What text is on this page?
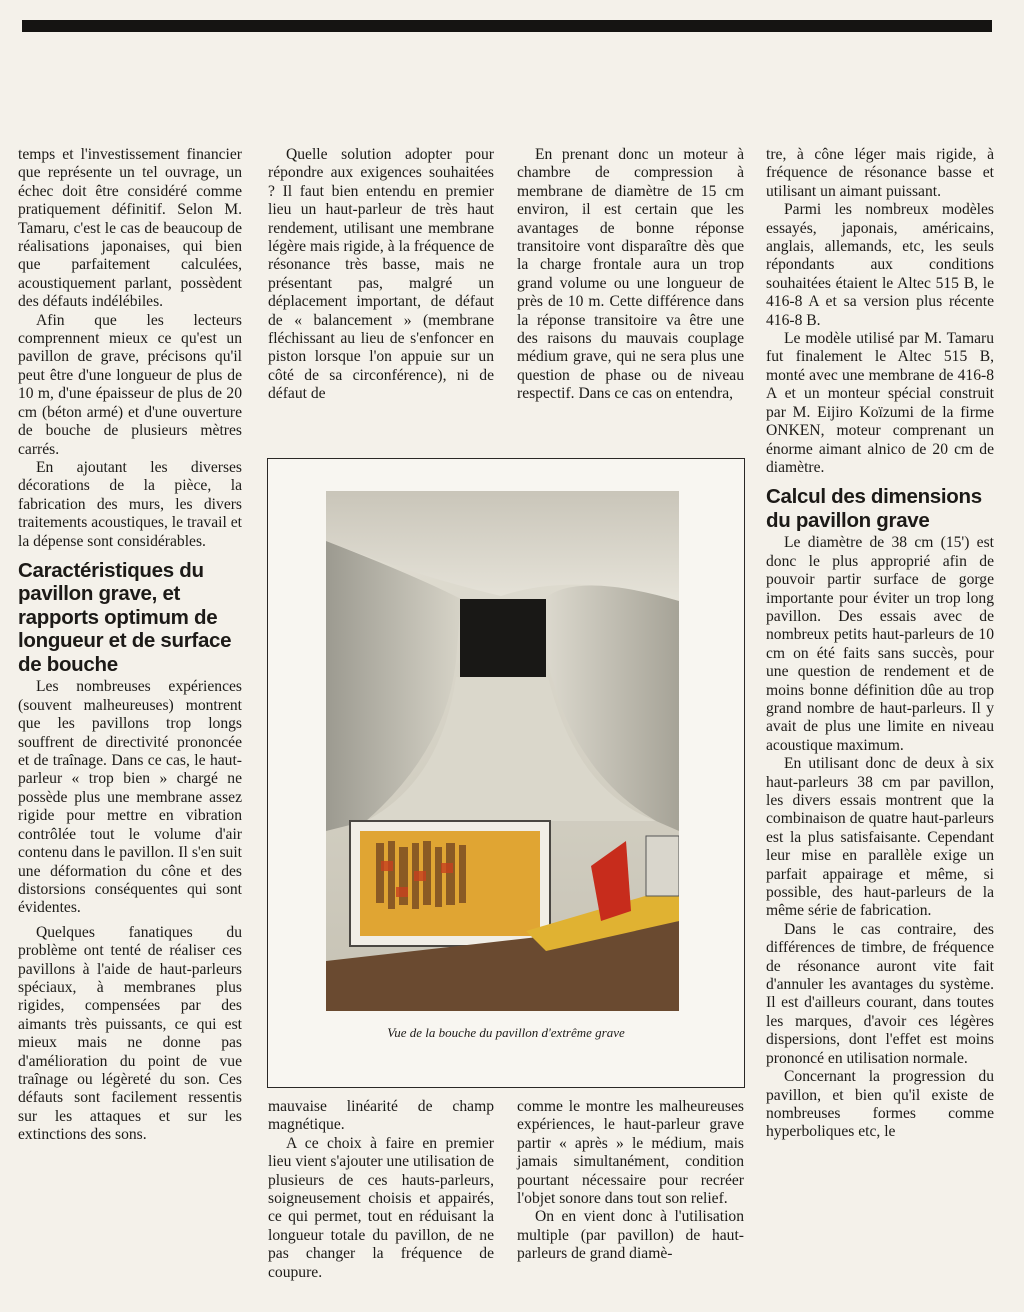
temps et l'investissement financier que représente un tel ouvrage, un échec doit être considéré comme pratiquement définitif. Selon M. Tamaru, c'est le cas de beaucoup de réalisations japonaises, qui bien que parfaitement calculées, acoustiquement parlant, possèdent des défauts indélébiles.

Afin que les lecteurs comprennent mieux ce qu'est un pavillon de grave, précisons qu'il peut être d'une longueur de plus de 10 m, d'une épaisseur de plus de 20 cm (béton armé) et d'une ouverture de bouche de plusieurs mètres carrés.

En ajoutant les diverses décorations de la pièce, la fabrication des murs, les divers traitements acoustiques, le travail et la dépense sont considérables.

Caractéristiques du pavillon grave, et rapports optimum de longueur et de surface de bouche

Les nombreuses expériences (souvent malheureuses) montrent que les pavillons trop longs souffrent de directivité prononcée et de traînage. Dans ce cas, le haut-parleur « trop bien » chargé ne possède plus une membrane assez rigide pour mettre en vibration contrôlée tout le volume d'air contenu dans le pavillon. Il s'en suit une déformation du cône et des distorsions conséquentes qui sont évidentes.

Quelques fanatiques du problème ont tenté de réaliser ces pavillons à l'aide de haut-parleurs spéciaux, à membranes plus rigides, compensées par des aimants très puissants, ce qui est mieux mais ne donne pas d'amélioration du point de vue traînage ou légèreté du son. Ces défauts sont facilement ressentis sur les attaques et sur les extinctions des sons.

Quelle solution adopter pour répondre aux exigences souhaitées ? Il faut bien entendu en premier lieu un haut-parleur de très haut rendement, utilisant une membrane légère mais rigide, à la fréquence de résonance très basse, mais ne présentant pas, malgré un déplacement important, de défaut de « balancement » (membrane fléchissant au lieu de s'enfoncer en piston lorsque l'on appuie sur un côté de sa circonférence), ni de défaut de

En prenant donc un moteur à chambre de compression à membrane de diamètre de 15 cm environ, il est certain que les avantages de bonne réponse transitoire vont disparaître dès que la charge frontale aura un trop grand volume ou une longueur de près de 10 m. Cette différence dans la réponse transitoire va être une des raisons du mauvais couplage médium grave, qui ne sera plus une question de phase ou de niveau respectif. Dans ce cas on entendra,

tre, à cône léger mais rigide, à fréquence de résonance basse et utilisant un aimant puissant.

Parmi les nombreux modèles essayés, japonais, américains, anglais, allemands, etc, les seuls répondants aux conditions souhaitées étaient le Altec 515 B, le 416-8 A et sa version plus récente 416-8 B.

Le modèle utilisé par M. Tamaru fut finalement le Altec 515 B, monté avec une membrane de 416-8 A et un monteur spécial construit par M. Eijiro Koïzumi de la firme ONKEN, moteur comprenant un énorme aimant alnico de 20 cm de diamètre.

Calcul des dimensions du pavillon grave

Le diamètre de 38 cm (15') est donc le plus approprié afin de pouvoir partir surface de gorge importante pour éviter un trop long pavillon. Des essais avec de nombreux petits haut-parleurs de 10 cm on été faits sans succès, pour une question de rendement et de moins bonne définition dûe au trop grand nombre de haut-parleurs. Il y avait de plus une limite en niveau acoustique maximum.

En utilisant donc de deux à six haut-parleurs 38 cm par pavillon, les divers essais montrent que la combinaison de quatre haut-parleurs est la plus satisfaisante. Cependant leur mise en parallèle exige un parfait appairage et même, si possible, des haut-parleurs de la même série de fabrication.

Dans le cas contraire, des différences de timbre, de fréquence de résonance auront vite fait d'annuler les avantages du système. Il est d'ailleurs courant, dans toutes les marques, d'avoir ces légères dispersions, dont l'effet est moins prononcé en utilisation normale.

Concernant la progression du pavillon, et bien qu'il existe de nombreuses formes comme hyperboliques etc, le

Vue de la bouche du pavillon d'extrême grave

mauvaise linéarité de champ magnétique.

A ce choix à faire en premier lieu vient s'ajouter une utilisation de plusieurs de ces hauts-parleurs, soigneusement choisis et appairés, ce qui permet, tout en réduisant la longueur totale du pavillon, de ne pas changer la fréquence de coupure.

comme le montre les malheureuses expériences, le haut-parleur grave partir « après » le médium, mais jamais simultanément, condition pourtant nécessaire pour recréer l'objet sonore dans tout son relief.

On en vient donc à l'utilisation multiple (par pavillon) de haut-parleurs de grand diamè-
